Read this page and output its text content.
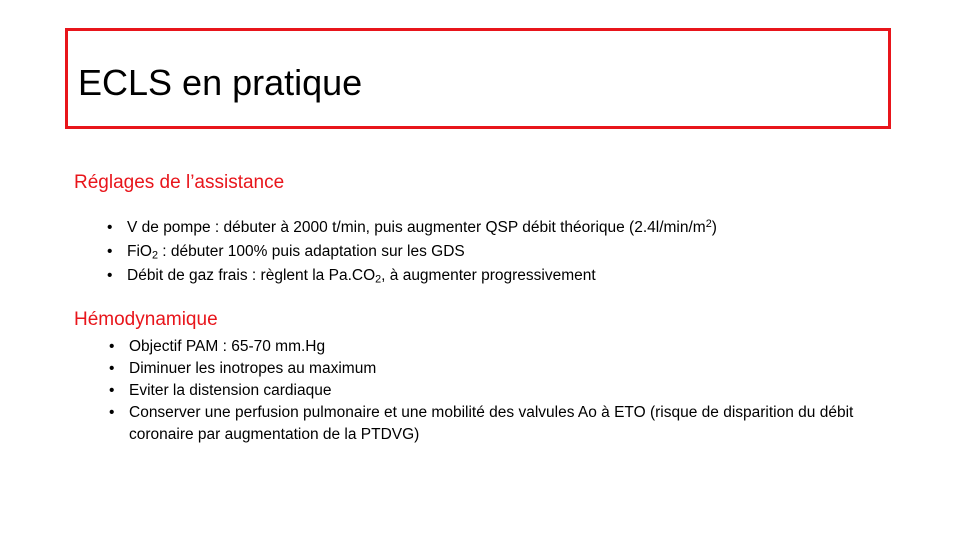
ECLS en pratique
Réglages de l’assistance
• V de pompe : débuter à 2000 t/min, puis augmenter QSP débit théorique $(2.4l/\min/m^2)$
• FiO$_2$ : débuter 100% puis adaptation sur les GDS
• Débit de gaz frais : règlent la $Pa.CO_2$, à augmenter progressivement
Hémodynamique
• Objectif PAM : 65-70 mm.Hg
• Diminuer les inotropes au maximum
• Eviter la distension cardiaque
• Conserver une perfusion pulmonaire et une mobilité des valvules Ao à ETO (risque de disparition du débit coronaire par augmentation de la PTDVG)
